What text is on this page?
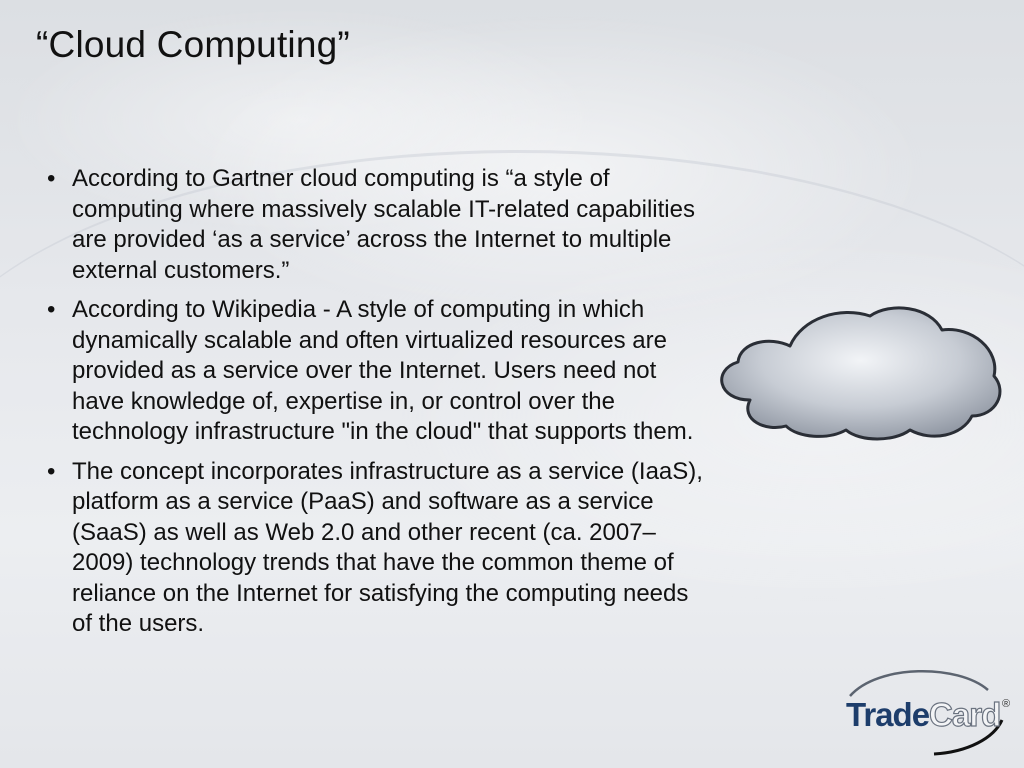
“Cloud Computing”
• According to Gartner cloud computing is “a style of computing where massively scalable IT-related capabilities are provided ‘as a service’ across the Internet to multiple external customers.”
• According to Wikipedia - A style of computing in which dynamically scalable and often virtualized resources are provided as a service over the Internet. Users need not have knowledge of, expertise in, or control over the technology infrastructure "in the cloud" that supports them.
• The concept incorporates infrastructure as a service (IaaS), platform as a service (PaaS) and software as a service (SaaS) as well as Web 2.0 and other recent (ca. 2007–2009) technology trends that have the common theme of reliance on the Internet for satisfying the computing needs of the users.
TradeCard ®
